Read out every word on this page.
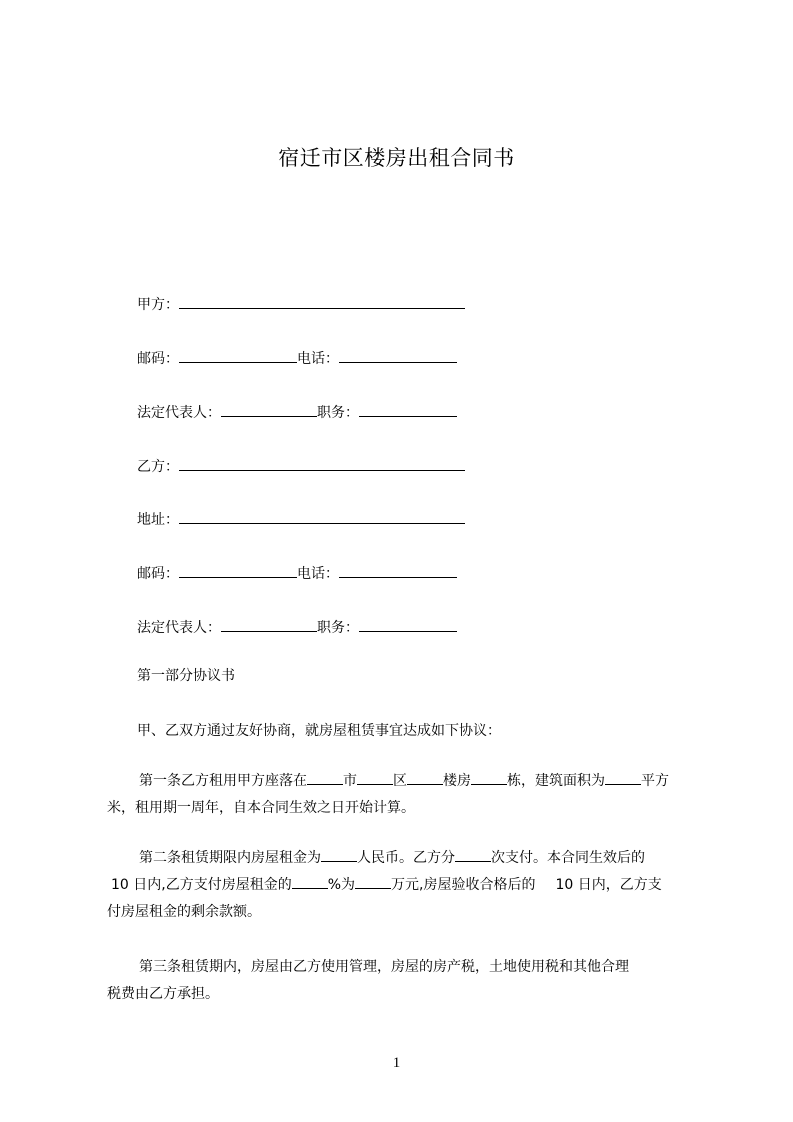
宿迁市区楼房出租合同书
甲方：
邮码：	电话：
法定代表人：	职务：
乙方：
地址：
邮码：	电话：
法定代表人：	职务：
第一部分协议书
甲、乙双方通过友好协商，就房屋租赁事宜达成如下协议：
第一条乙方租用甲方座落在	市	区	楼房	栋，建筑面积为	平方
米，租用期一周年，自本合同生效之日开始计算。
第二条租赁期限内房屋租金为	人民币。乙方分	次支付。本合同生效后的
10 日内,乙方支付房屋租金的	%为	万元,房屋验收合格后的 10 日内，乙方支
付房屋租金的剩余款额。
第三条租赁期内，房屋由乙方使用管理，房屋的房产税，土地使用税和其他合理
税费由乙方承担。
1
